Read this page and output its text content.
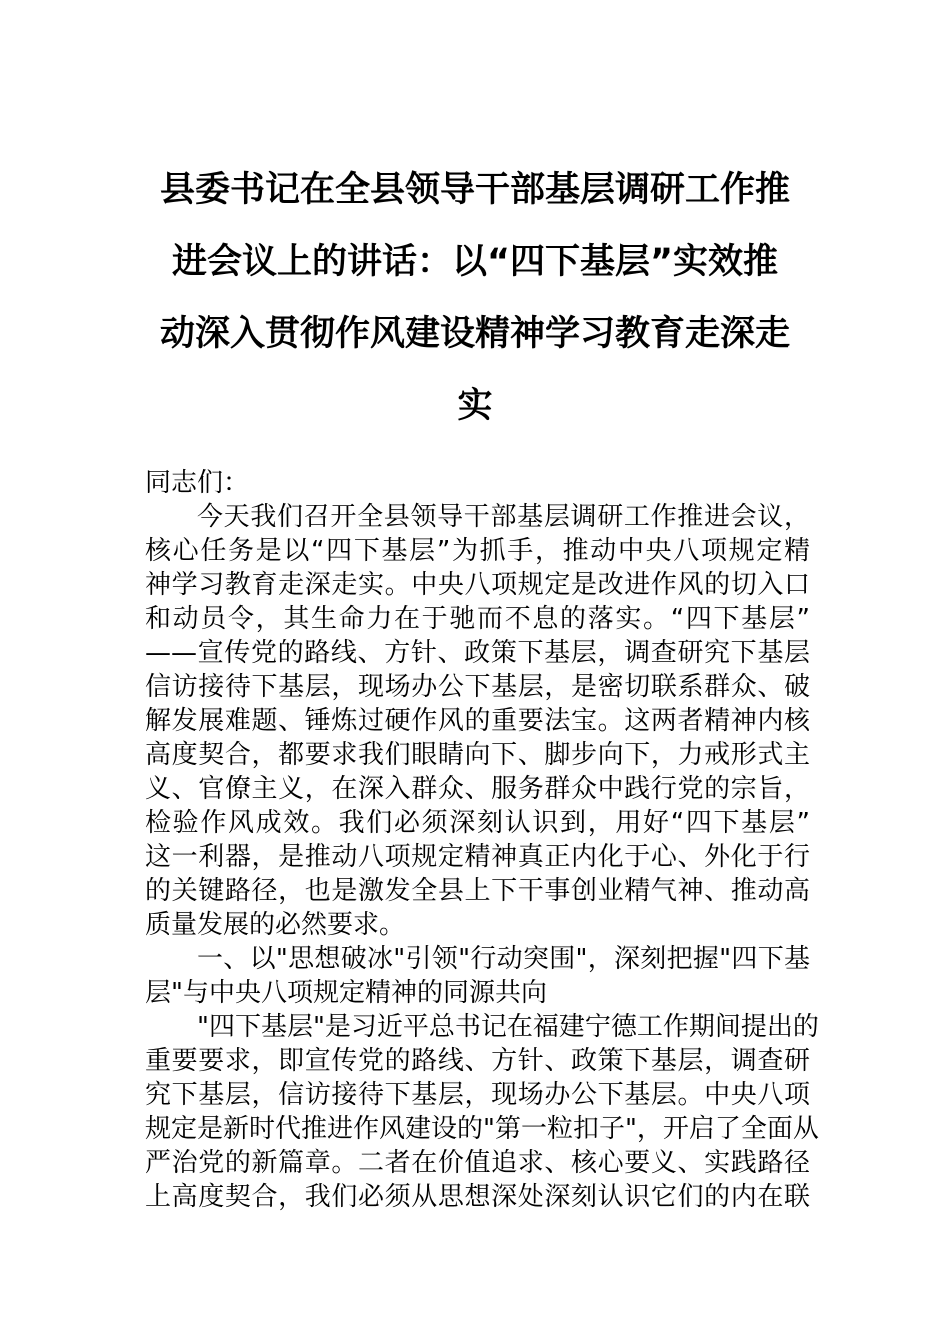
县委书记在全县领导干部基层调研工作推
进会议上的讲话：以“四下基层”实效推
动深入贯彻作风建设精神学习教育走深走
实
同志们：
今天我们召开全县领导干部基层调研工作推进会议，
核心任务是以“四下基层”为抓手，推动中央八项规定精
神学习教育走深走实。中央八项规定是改进作风的切入口
和动员令，其生命力在于驰而不息的落实。“四下基层”
——宣传党的路线、方针、政策下基层，调查研究下基层
信访接待下基层，现场办公下基层，是密切联系群众、破
解发展难题、锤炼过硬作风的重要法宝。这两者精神内核
高度契合，都要求我们眼睛向下、脚步向下，力戒形式主
义、官僚主义，在深入群众、服务群众中践行党的宗旨，
检验作风成效。我们必须深刻认识到，用好“四下基层”
这一利器，是推动八项规定精神真正内化于心、外化于行
的关键路径，也是激发全县上下干事创业精气神、推动高
质量发展的必然要求。
一、以"思想破冰"引领"行动突围"，深刻把握"四下基
层"与中央八项规定精神的同源共向
"四下基层"是习近平总书记在福建宁德工作期间提出的
重要要求，即宣传党的路线、方针、政策下基层，调查研
究下基层，信访接待下基层，现场办公下基层。中央八项
规定是新时代推进作风建设的"第一粒扣子"，开启了全面从
严治党的新篇章。二者在价值追求、核心要义、实践路径
上高度契合，我们必须从思想深处深刻认识它们的内在联
